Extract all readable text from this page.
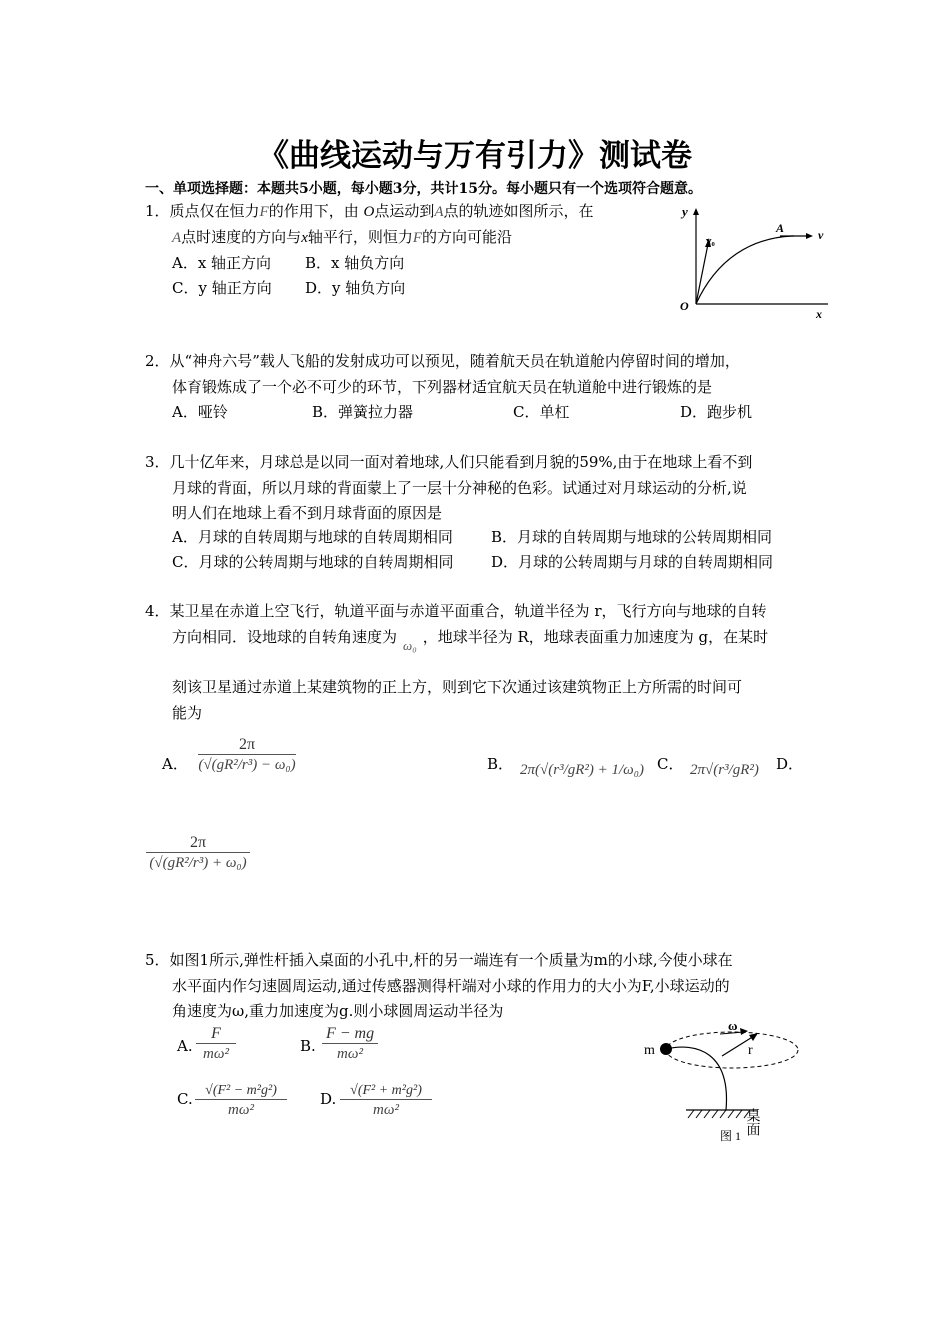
《曲线运动与万有引力》测试卷
一、单项选择题：本题共5小题，每小题3分，共计15分。每小题只有一个选项符合题意。
1．质点仅在恒力F的作用下，由 O点运动到A点的轨迹如图所示，在
A点时速度的方向与x轴平行，则恒力F的方向可能沿
A．x 轴正方向 B．x 轴负方向
C．y 轴正方向 D．y 轴负方向
y
v₀
A	v
O
x
2．从“神舟六号”载人飞船的发射成功可以预见，随着航天员在轨道舱内停留时间的增加，
体育锻炼成了一个必不可少的环节，下列器材适宜航天员在轨道舱中进行锻炼的是
A．哑铃	B．弹簧拉力器	C．单杠	D．跑步机
3．几十亿年来，月球总是以同一面对着地球,人们只能看到月貌的59%,由于在地球上看不到
月球的背面，所以月球的背面蒙上了一层十分神秘的色彩。试通过对月球运动的分析,说
明人们在地球上看不到月球背面的原因是
A．月球的自转周期与地球的自转周期相同	B．月球的自转周期与地球的公转周期相同
C．月球的公转周期与地球的自转周期相同	D．月球的公转周期与月球的自转周期相同
4．某卫星在赤道上空飞行，轨道平面与赤道平面重合，轨道半径为 r，飞行方向与地球的自转
方向相同．设地球的自转角速度为 ω₀ ，地球半径为 R，地球表面重力加速度为 g，在某时
刻该卫星通过赤道上某建筑物的正上方，则到它下次通过该建筑物正上方所需的时间可
能为
A． $\frac{2\pi}{\text{(√(gR²/r³) − ω₀)}}$	B． 2π(√(r³/gR²) + 1/ω₀) C． 2π√(r³/gR²) D．
$\frac{2\pi}{\text{(√(gR²/r³) + ω₀)}}$
5．如图1所示,弹性杆插入桌面的小孔中,杆的另一端连有一个质量为m的小球,今使小球在
水平面内作匀速圆周运动,通过传感器测得杆端对小球的作用力的大小为F,小球运动的
角速度为ω,重力加速度为g.则小球圆周运动半径为
A. $\frac{F}{\text{mω²}}$	B. $\frac{F - mg}{\text{mω²}}$
C. $\frac{\text{√(F² − m²g²)}}{\text{mω²}} D$. $\frac{\text{√(F² + m²g²)}}{\text{mω²}}$
ω
m	r
桌面
图 1
